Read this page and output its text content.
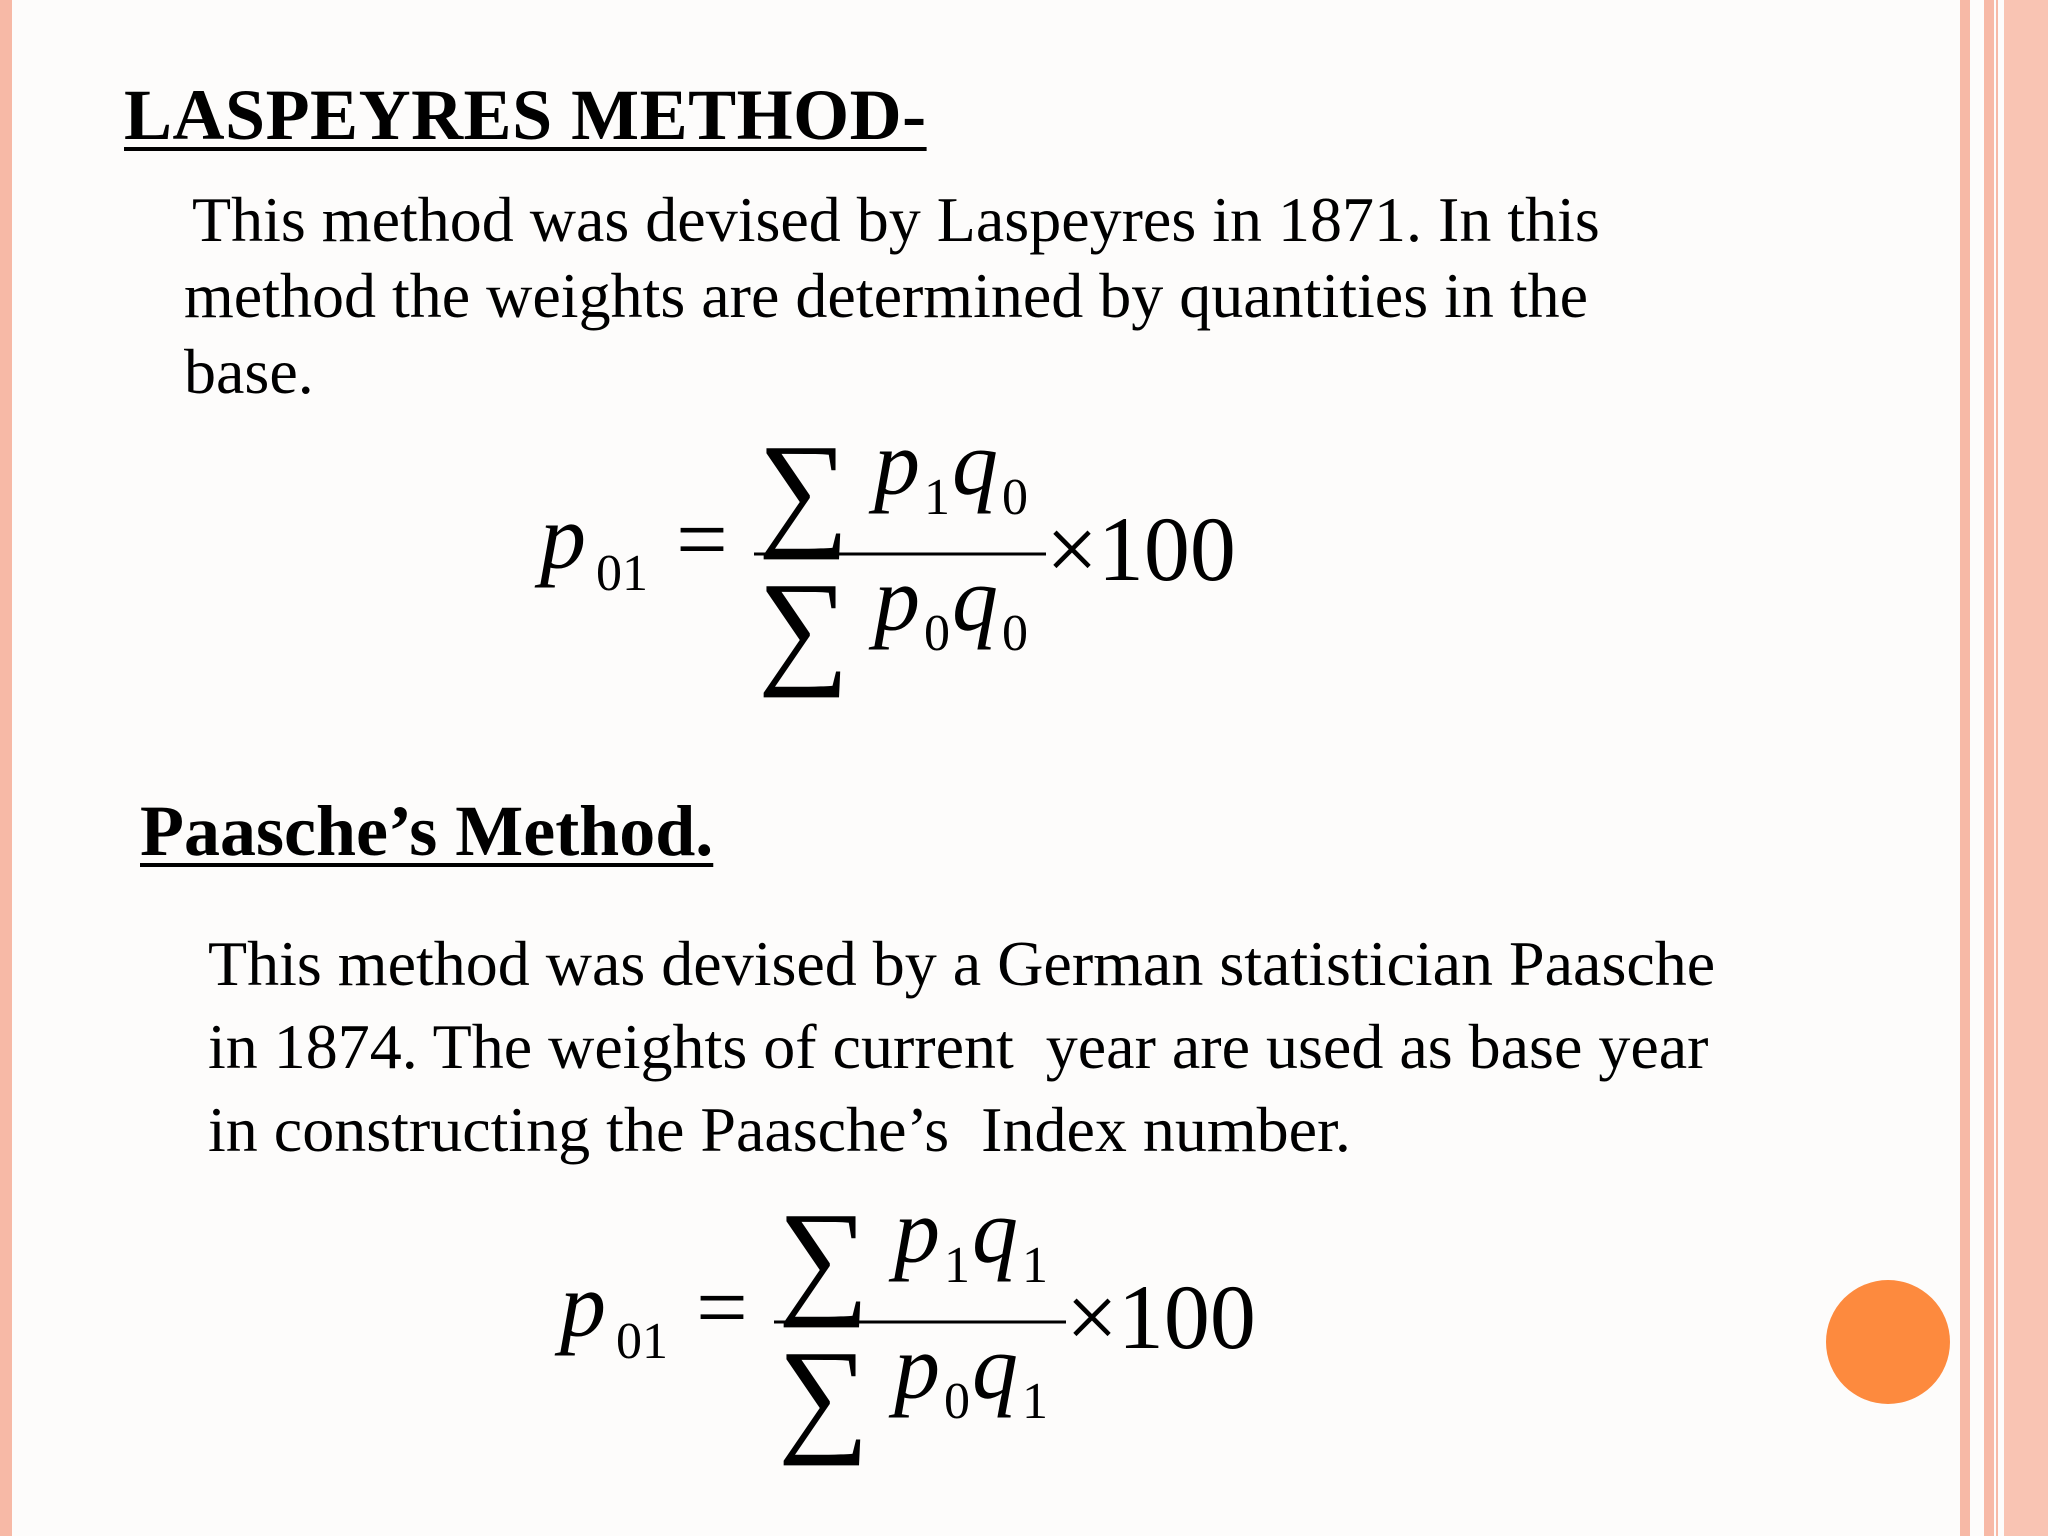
LASPEYRES METHOD-
This method was devised by Laspeyres in 1871. In this
method the weights are determined by quantities in the
base.
p 01 = ∑ p 1 q 0
∑ p 0 q 0
×100
Paasche’s Method.
This method was devised by a German statistician Paasche
in 1874. The weights of current  year are used as base year
in constructing the Paasche’s  Index number.
p 01 = ∑ p 1 q 1
∑ p 0 q 1
×100
